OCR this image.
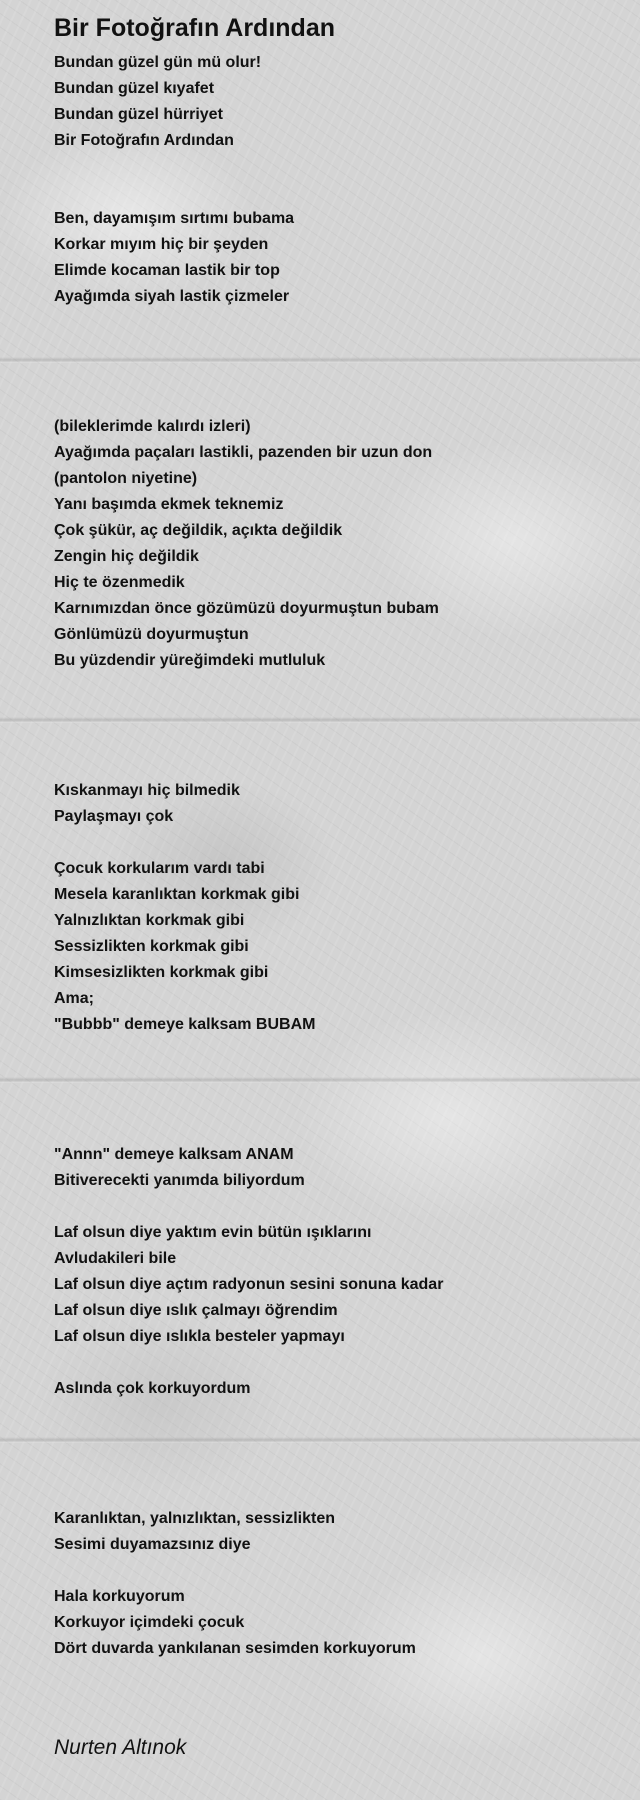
Bir Fotoğrafın Ardından
Bundan güzel gün mü olur!
Bundan güzel kıyafet
Bundan güzel hürriyet
Bir Fotoğrafın Ardından
Ben, dayamışım sırtımı bubama
Korkar mıyım hiç bir şeyden
Elimde kocaman lastik bir top
Ayağımda siyah lastik çizmeler
(bileklerimde kalırdı izleri)
Ayağımda paçaları lastikli, pazenden bir uzun don
(pantolon niyetine)
Yanı başımda ekmek teknemiz
Çok şükür, aç değildik, açıkta değildik
Zengin hiç değildik
Hiç te özenmedik
Karnımızdan önce gözümüzü doyurmuştun bubam
Gönlümüzü doyurmuştun
Bu yüzdendir yüreğimdeki mutluluk
Kıskanmayı hiç bilmedik
Paylaşmayı çok
Çocuk korkularım vardı tabi
Mesela karanlıktan korkmak gibi
Yalnızlıktan korkmak gibi
Sessizlikten korkmak gibi
Kimsesizlikten korkmak gibi
Ama;
"Bubbb" demeye kalksam BUBAM
"Annn" demeye kalksam ANAM
Bitiverecekti yanımda biliyordum
Laf olsun diye yaktım evin bütün ışıklarını
Avludakileri bile
Laf olsun diye açtım radyonun sesini sonuna kadar
Laf olsun diye ıslık çalmayı öğrendim
Laf olsun diye ıslıkla besteler yapmayı
Aslında çok korkuyordum
Karanlıktan, yalnızlıktan, sessizlikten
Sesimi duyamazsınız diye
Hala korkuyorum
Korkuyor içimdeki çocuk
Dört duvarda yankılanan sesimden korkuyorum
Nurten Altınok
